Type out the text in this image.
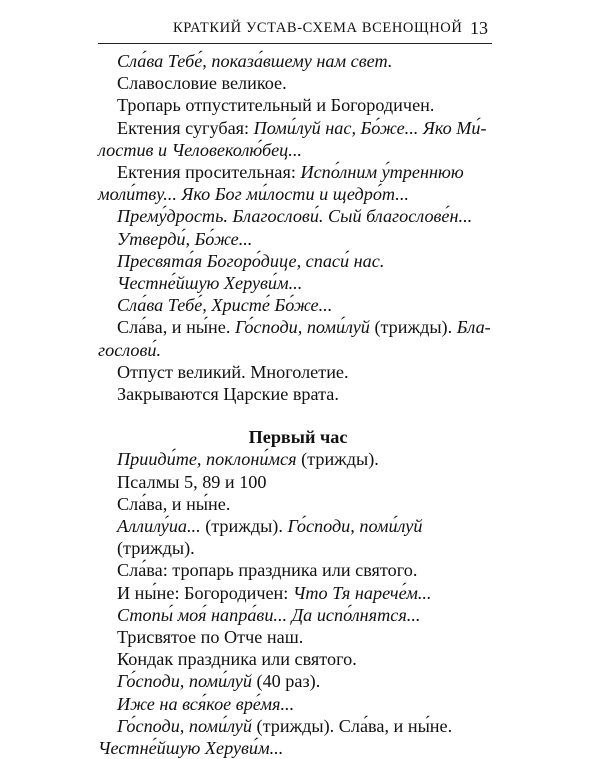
КРАТКИЙ УСТАВ-СХЕМА ВСЕНОЩНОЙ 13
Сла́ва Тебе́, показа́вшему нам свет.
Славословие великое.
Тропарь отпустительный и Богородичен.
Ектения сугубая: Поми́луй нас, Бо́же... Яко Ми́-
лостив и Человеколю́бец...
Ектения просительная: Испо́лним у́треннюю
моли́тву... Яко Бог ми́лости и щедро́т...
Прему́дрость. Благослови́. Сый благослове́н...
Утверди́, Бо́же...
Пресвята́я Богоро́дице, спаси́ нас.
Честне́йшую Херуви́м...
Сла́ва Тебе́, Христе́ Бо́же...
Сла́ва, и ны́не. Го́споди, поми́луй (трижды). Бла-
гослови́.
Отпуст великий. Многолетие.
Закрываются Царские врата.
Первый час
Прииди́те, поклони́мся (трижды).
Псалмы 5, 89 и 100
Сла́ва, и ны́не.
Аллилу́иа... (трижды). Го́споди, поми́луй (трижды).
Сла́ва: тропарь праздника или святого.
И ны́не: Богородичен: Что Тя нарече́м...
Стопы́ моя́ напра́ви... Да испо́лнятся...
Трисвятое по Отче наш.
Кондак праздника или святого.
Го́споди, поми́луй (40 раз).
Иже на вся́кое вре́мя...
Го́споди, поми́луй (трижды). Сла́ва, и ны́не.
Честне́йшую Херуви́м...
